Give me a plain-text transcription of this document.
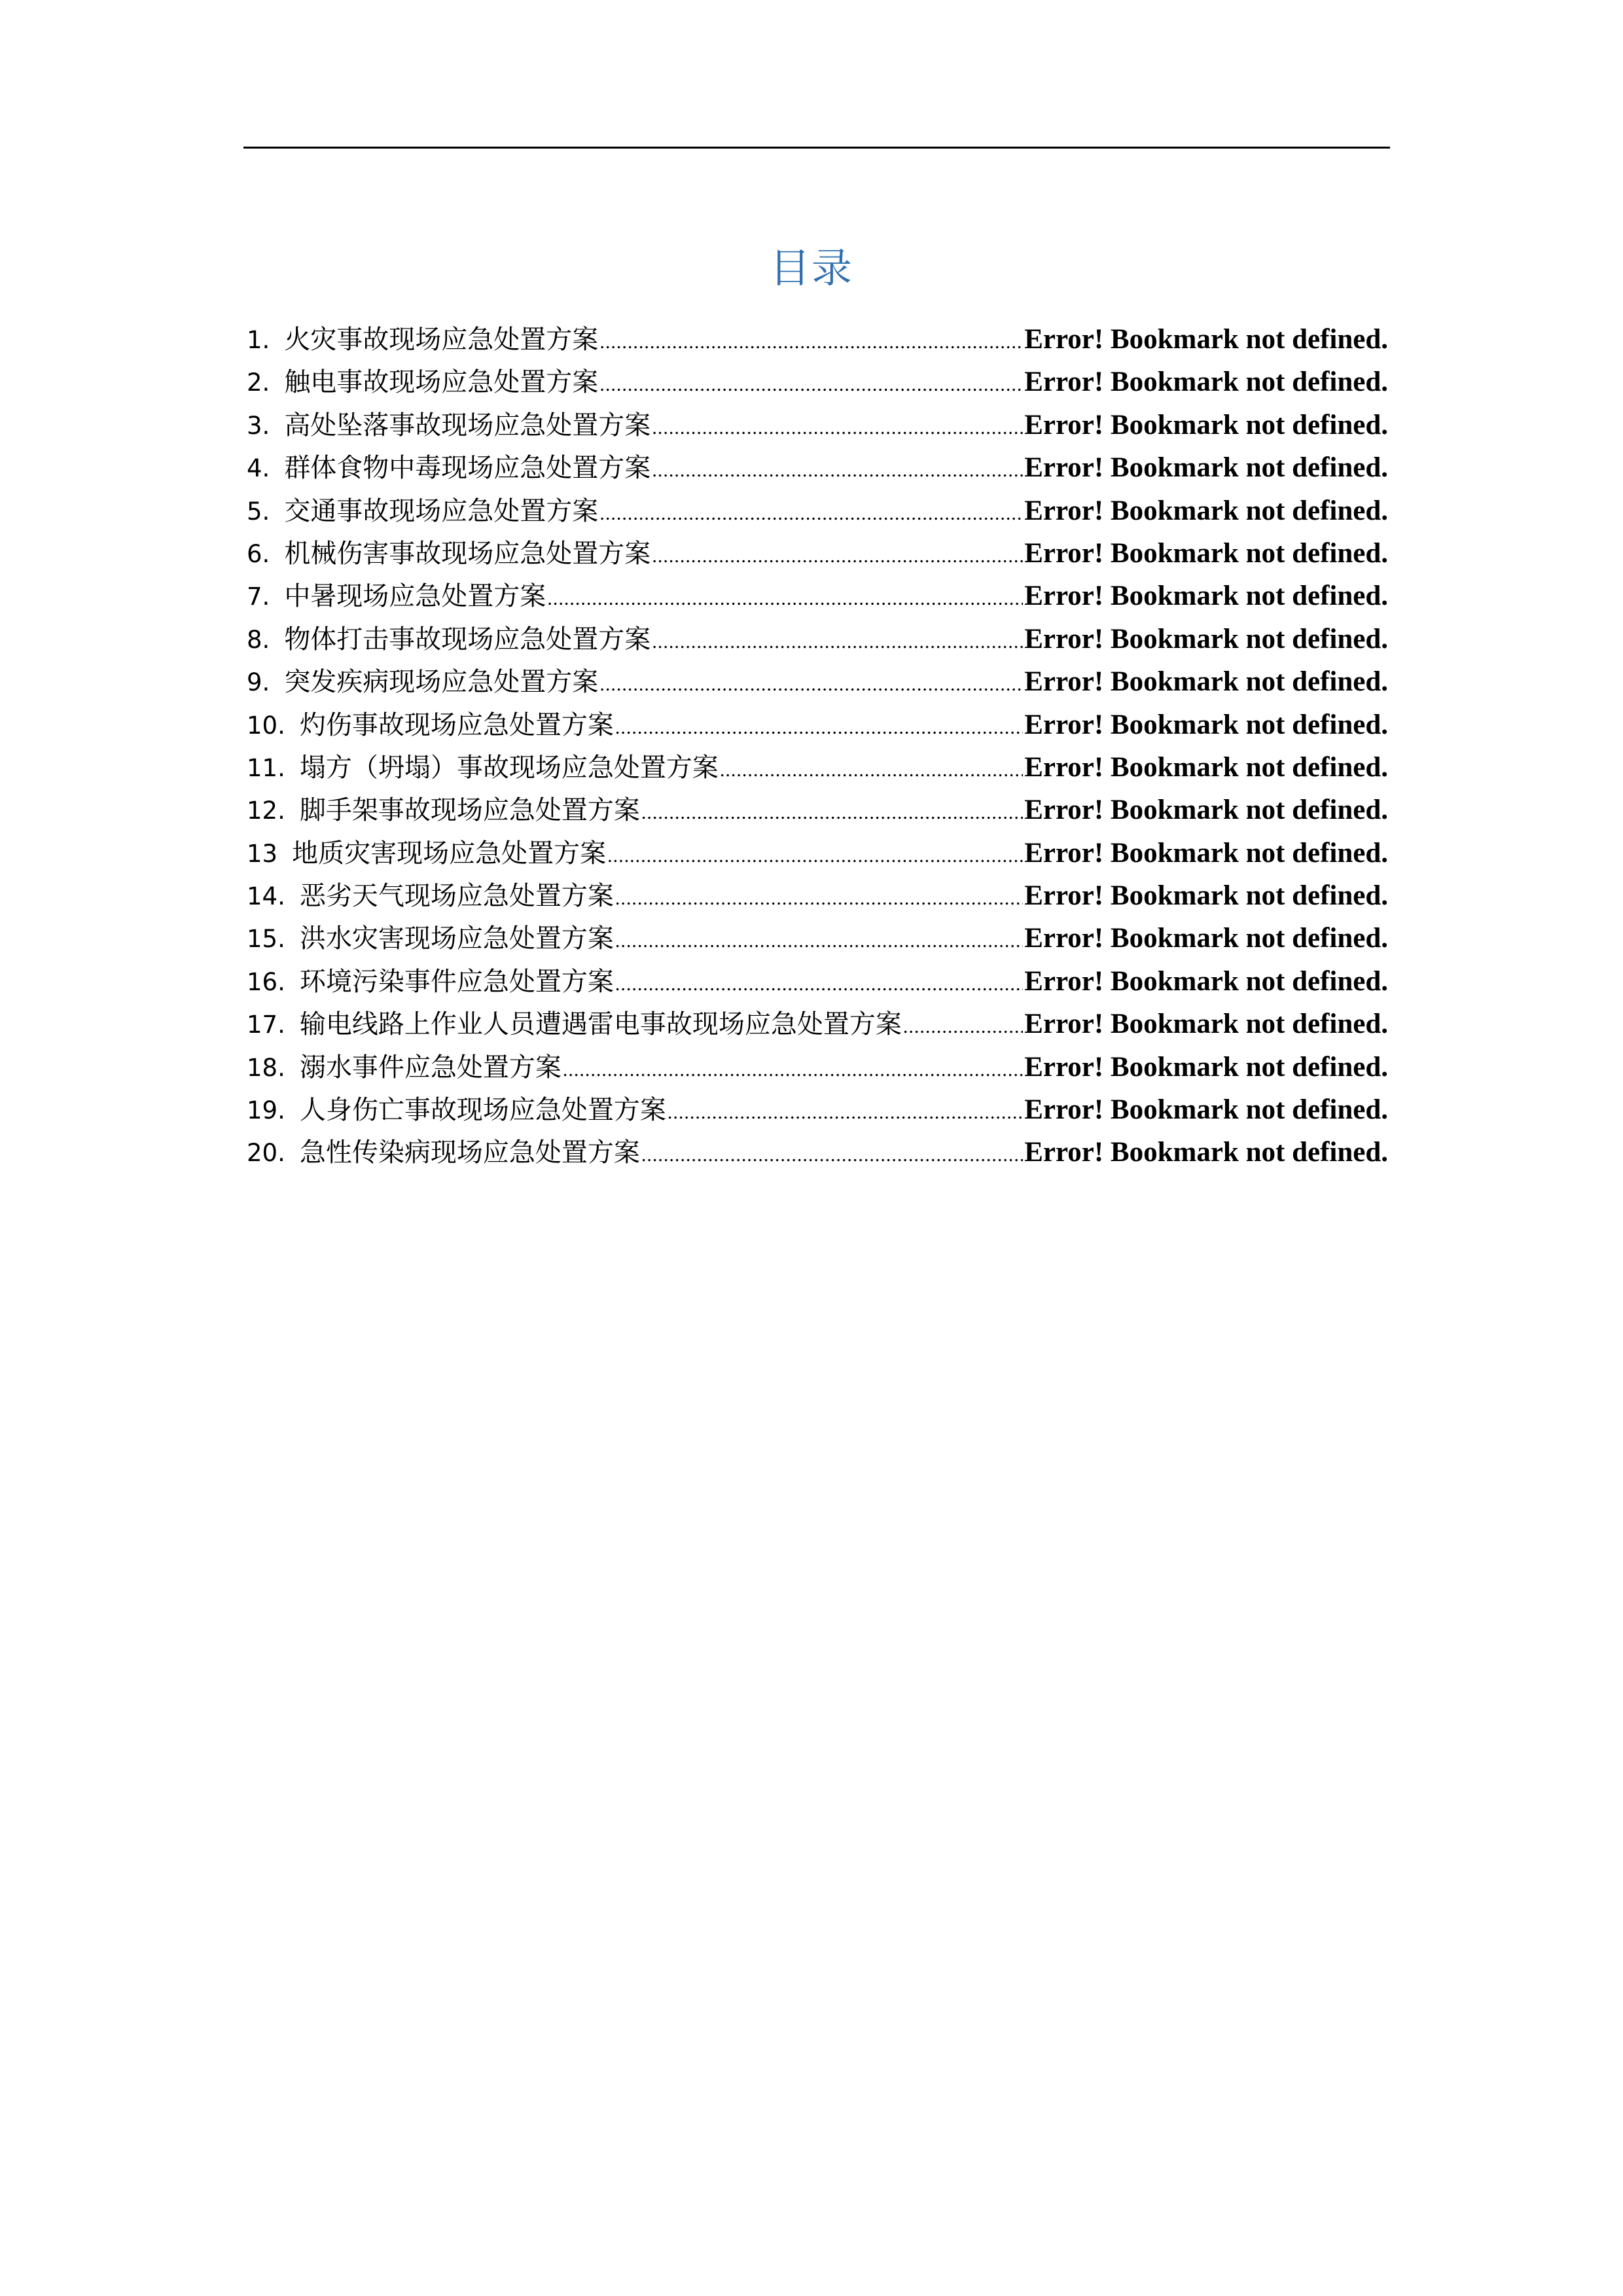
目录
1. 火灾事故现场应急处置方案 .....	Error! Bookmark not defined.
2. 触电事故现场应急处置方案 .....	Error! Bookmark not defined.
3. 高处坠落事故现场应急处置方案 .....	Error! Bookmark not defined.
4. 群体食物中毒现场应急处置方案 .....	Error! Bookmark not defined.
5. 交通事故现场应急处置方案 .....	Error! Bookmark not defined.
6. 机械伤害事故现场应急处置方案 .....	Error! Bookmark not defined.
7. 中暑现场应急处置方案 .....	Error! Bookmark not defined.
8. 物体打击事故现场应急处置方案 .....	Error! Bookmark not defined.
9. 突发疾病现场应急处置方案 .....	Error! Bookmark not defined.
10. 灼伤事故现场应急处置方案 .....	Error! Bookmark not defined.
11. 塌方（坍塌）事故现场应急处置方案 .....	Error! Bookmark not defined.
12. 脚手架事故现场应急处置方案 .....	Error! Bookmark not defined.
13 地质灾害现场应急处置方案 .....	Error! Bookmark not defined.
14. 恶劣天气现场应急处置方案 .....	Error! Bookmark not defined.
15. 洪水灾害现场应急处置方案 .....	Error! Bookmark not defined.
16. 环境污染事件应急处置方案 .....	Error! Bookmark not defined.
17. 输电线路上作业人员遭遇雷电事故现场应急处置方案 .....	Error! Bookmark not defined.
18. 溺水事件应急处置方案 .....	Error! Bookmark not defined.
19. 人身伤亡事故现场应急处置方案 .....	Error! Bookmark not defined.
20. 急性传染病现场应急处置方案 .....	Error! Bookmark not defined.
